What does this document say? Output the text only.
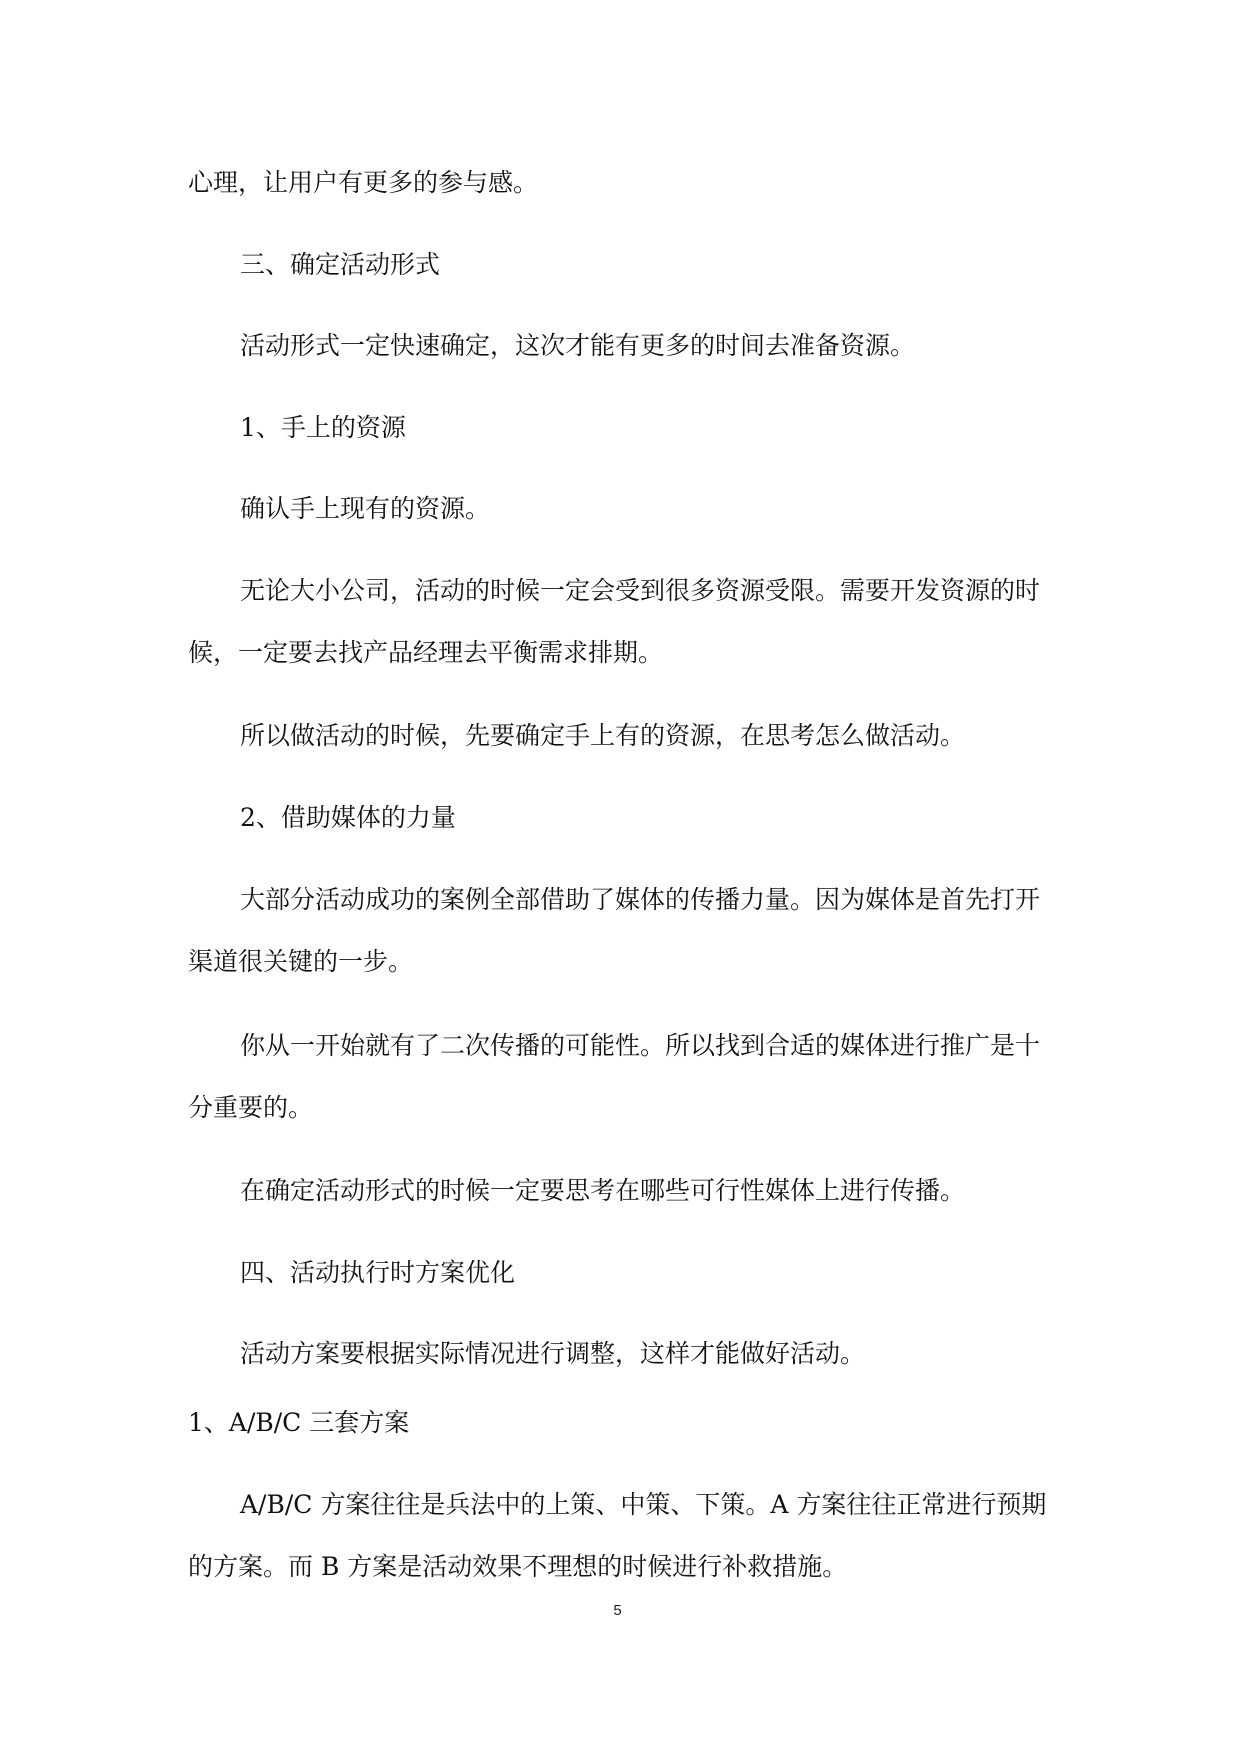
心理，让用户有更多的参与感。

三、确定活动形式

活动形式一定快速确定，这次才能有更多的时间去准备资源。

1、手上的资源

确认手上现有的资源。

无论大小公司，活动的时候一定会受到很多资源受限。需要开发资源的时候，一定要去找产品经理去平衡需求排期。

所以做活动的时候，先要确定手上有的资源，在思考怎么做活动。

2、借助媒体的力量

大部分活动成功的案例全部借助了媒体的传播力量。因为媒体是首先打开渠道很关键的一步。

你从一开始就有了二次传播的可能性。所以找到合适的媒体进行推广是十分重要的。

在确定活动形式的时候一定要思考在哪些可行性媒体上进行传播。

四、活动执行时方案优化

活动方案要根据实际情况进行调整，这样才能做好活动。

1、A/B/C 三套方案

A/B/C 方案往往是兵法中的上策、中策、下策。A 方案往往正常进行预期的方案。而 B 方案是活动效果不理想的时候进行补救措施。

5
